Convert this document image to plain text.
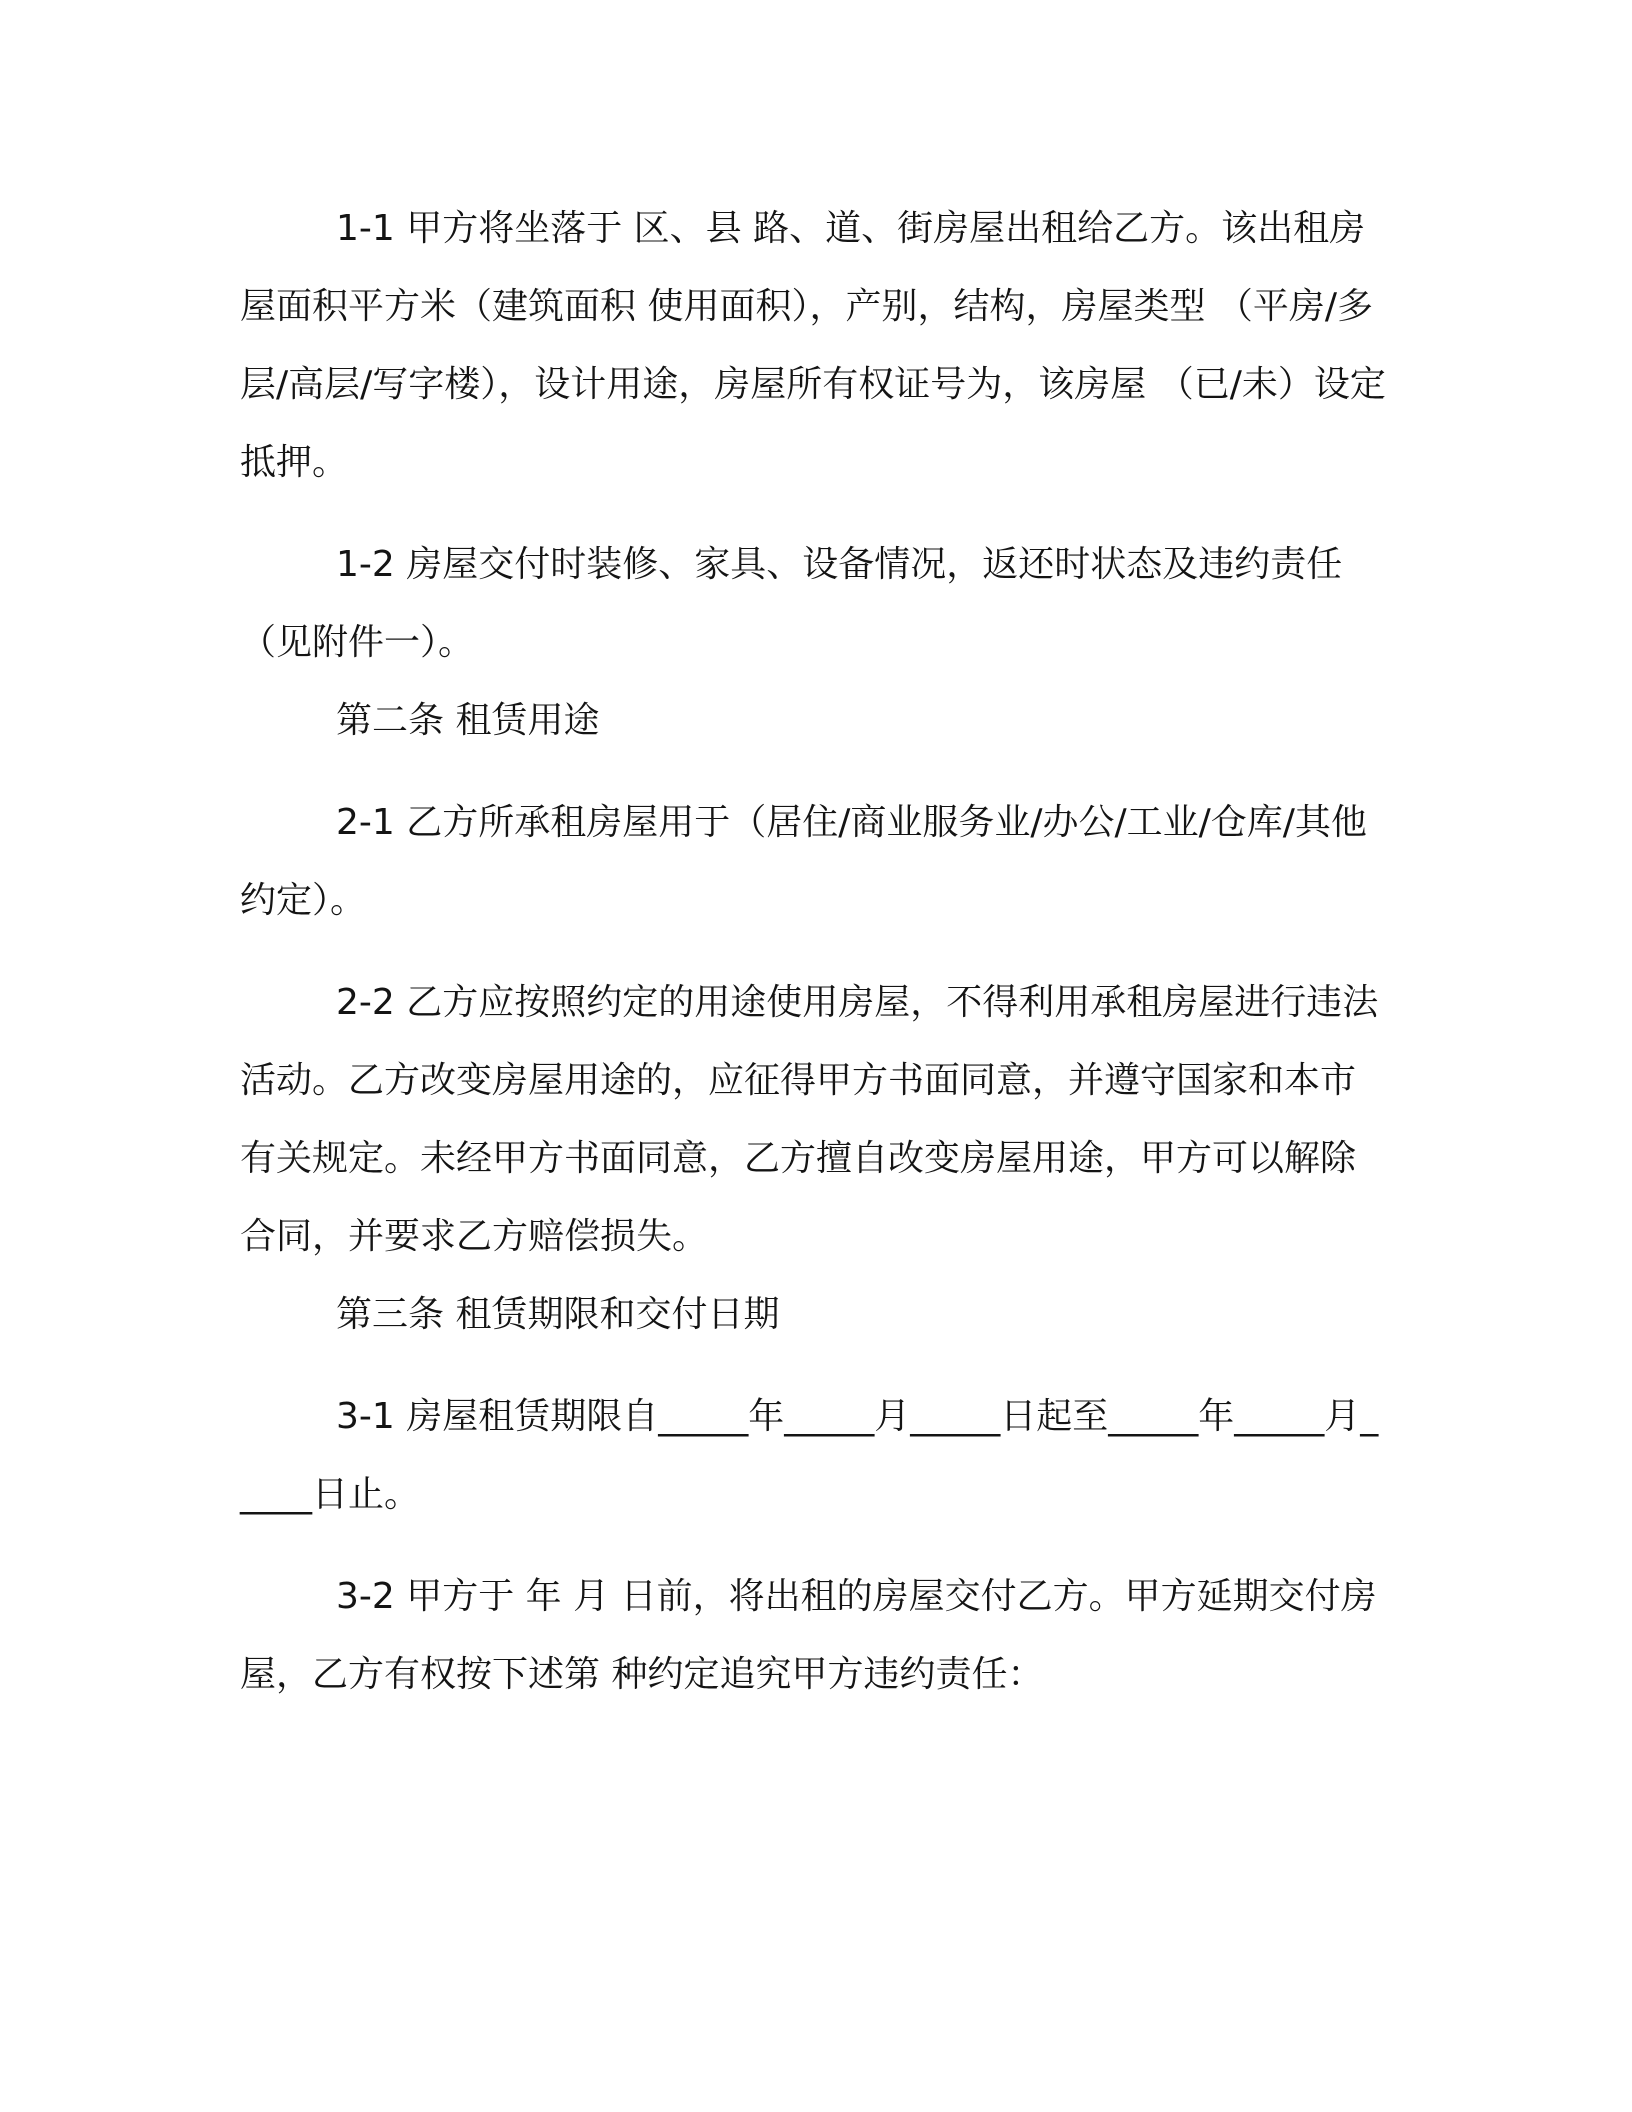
1-1 甲方将坐落于 区、县 路、道、街房屋出租给乙方。该出租房屋面积平方米（建筑面积 使用面积），产别，结构，房屋类型 （平房/多层/高层/写字楼），设计用途，房屋所有权证号为，该房屋 （已/未）设定抵押。

1-2 房屋交付时装修、家具、设备情况，返还时状态及违约责任（见附件一）。

第二条 租赁用途

2-1 乙方所承租房屋用于（居住/商业服务业/办公/工业/仓库/其他约定）。

2-2 乙方应按照约定的用途使用房屋，不得利用承租房屋进行违法活动。乙方改变房屋用途的，应征得甲方书面同意，并遵守国家和本市有关规定。未经甲方书面同意，乙方擅自改变房屋用途，甲方可以解除合同，并要求乙方赔偿损失。

第三条 租赁期限和交付日期

3-1 房屋租赁期限自_____年_____月_____日起至_____年_____月_____日止。

3-2 甲方于 年 月 日前，将出租的房屋交付乙方。甲方延期交付房屋，乙方有权按下述第 种约定追究甲方违约责任：
